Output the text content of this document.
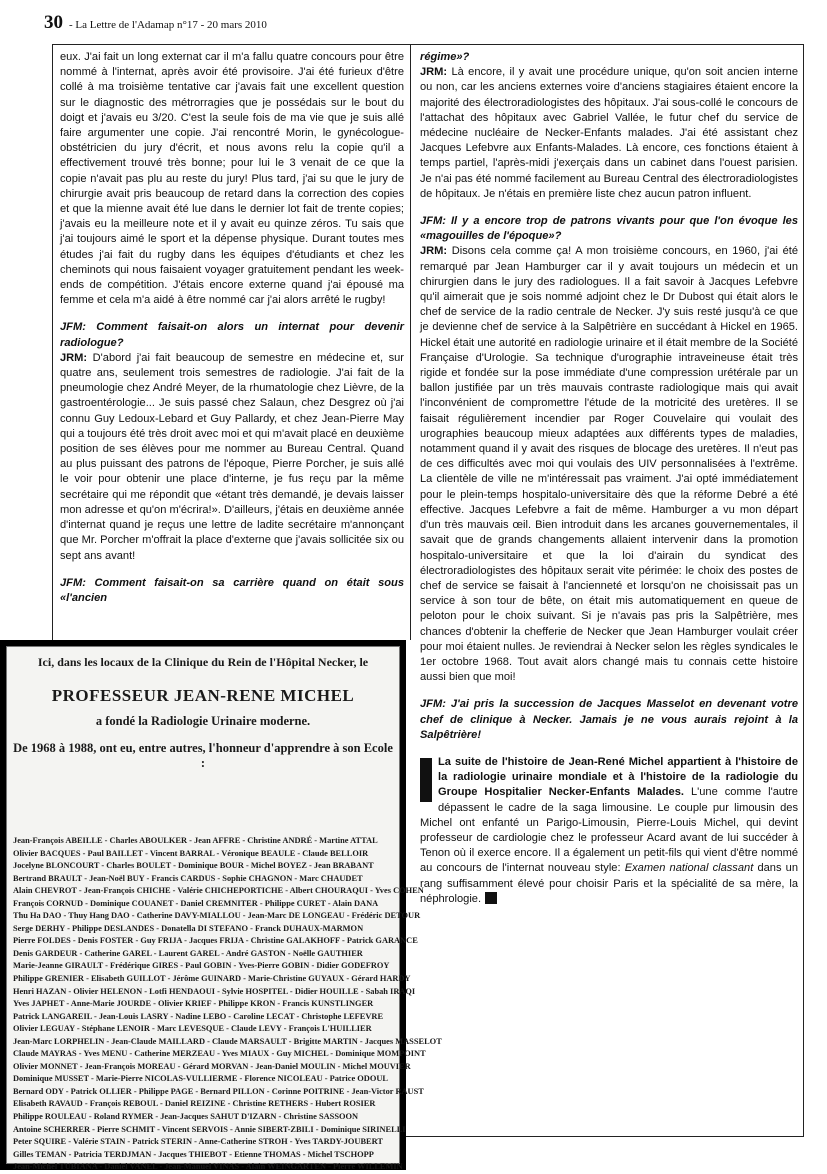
30 - La Lettre de l'Adamap n°17 - 20 mars 2010

eux. J'ai fait un long externat car il m'a fallu quatre concours pour être nommé à l'internat, après avoir été provisoire. J'ai été furieux d'être collé à ma troisième tentative car j'avais fait une excellent question sur le diagnostic des métrorragies que je possédais sur le bout du doigt et j'avais eu 3/20. C'est la seule fois de ma vie que je suis allé faire argumenter une copie. J'ai rencontré Morin, le gynécologue-obstétricien du jury d'écrit, et nous avons relu la copie qu'il a effectivement trouvé très bonne; pour lui le 3 venait de ce que la copie n'avait pas plu au reste du jury! Plus tard, j'ai su que le jury de chirurgie avait pris beaucoup de retard dans la correction des copies et que la mienne avait été lue dans le dernier lot fait de trente copies; j'avais eu la meilleure note et il y avait eu quinze zéros. Tu sais que j'ai toujours aimé le sport et la dépense physique. Durant toutes mes études j'ai fait du rugby dans les équipes d'étudiants et chez les cheminots qui nous faisaient voyager gratuitement pendant les week-ends de compétition. J'étais encore externe quand j'ai épousé ma femme et cela m'a aidé à être nommé car j'ai alors arrêté le rugby!

JFM: Comment faisait-on alors un internat pour devenir radiologue?

JRM: D'abord j'ai fait beaucoup de semestre en médecine et, sur quatre ans, seulement trois semestres de radiologie. J'ai fait de la pneumologie chez André Meyer, de la rhumatologie chez Lièvre, de la gastroentérologie... Je suis passé chez Salaun, chez Desgrez où j'ai connu Guy Ledoux-Lebard et Guy Pallardy, et chez Jean-Pierre May qui a toujours été très droit avec moi et qui m'avait placé en deuxième position de ses élèves pour me nommer au Bureau Central. Quand au plus puissant des patrons de l'époque, Pierre Porcher, je suis allé le voir pour obtenir une place d'interne, je fus reçu par la même secrétaire qui me répondit que «étant très demandé, je devais laisser mon adresse et qu'on m'écrira!». D'ailleurs, j'étais en deuxième année d'internat quand je reçus une lettre de ladite secrétaire m'annonçant que Mr. Porcher m'offrait la place d'externe que j'avais sollicitée six ou sept ans avant!

JFM: Comment faisait-on sa carrière quand on était sous «l'ancien

régime»?

JRM: Là encore, il y avait une procédure unique, qu'on soit ancien interne ou non, car les anciens externes voire d'anciens stagiaires étaient encore la majorité des électroradiologistes des hôpitaux. J'ai sous-collé le concours de l'attachat des hôpitaux avec Gabriel Vallée, le futur chef du service de médecine nucléaire de Necker-Enfants malades. J'ai été assistant chez Jacques Lefebvre aux Enfants-Malades. Là encore, ces fonctions étaient à temps partiel, l'après-midi j'exerçais dans un cabinet dans l'ouest parisien. Je n'ai pas été nommé facilement au Bureau Central des électroradiologistes de hôpitaux. Je n'étais en première liste chez aucun patron influent.

JFM: Il y a encore trop de patrons vivants pour que l'on évoque les «magouilles de l'époque»?

JRM: Disons cela comme ça! A mon troisième concours, en 1960, j'ai été remarqué par Jean Hamburger car il y avait toujours un médecin et un chirurgien dans le jury des radiologues. Il a fait savoir à Jacques Lefebvre qu'il aimerait que je sois nommé adjoint chez le Dr Dubost qui était alors le chef de service de la radio centrale de Necker. J'y suis resté jusqu'à ce que je devienne chef de service à la Salpêtrière en succédant à Hickel en 1965. Hickel était une autorité en radiologie urinaire et il était membre de la Société Française d'Urologie. Sa technique d'urographie intraveineuse était très rigide et fondée sur la pose immédiate d'une compression urétérale par un ballon justifiée par un très mauvais contraste radiologique mais qui avait l'inconvénient de compromettre l'étude de la motricité des uretères. Il se faisait régulièrement incendier par Roger Couvelaire qui voulait des urographies beaucoup mieux adaptées aux différents types de maladies, notamment quand il y avait des risques de blocage des uretères. Il n'eut pas de ces difficultés avec moi qui voulais des UIV personnalisées à l'extrême. La clientèle de ville ne m'intéressait pas vraiment. J'ai opté immédiatement pour le plein-temps hospitalo-universitaire dès que la réforme Debré a été effective. Jacques Lefebvre a fait de même. Hamburger a vu mon départ d'un très mauvais œil. Bien introduit dans les arcanes gouvernementales, il savait que de grands changements allaient intervenir dans la promotion hospitalo-universitaire et que la loi d'airain du syndicat des électroradiologistes des hôpitaux serait vite périmée: le choix des postes de chef de service se faisait à l'ancienneté et lorsqu'on ne choisissait pas un service à son tour de bête, on était mis automatiquement en queue de peloton pour le choix suivant. Si je n'avais pas pris la Salpêtrière, mes chances d'obtenir la chefferie de Necker que Jean Hamburger voulait créer pour moi étaient nulles. Je reviendrai à Necker selon les règles syndicales le 1er octobre 1968. Tout avait alors changé mais tu connais cette histoire aussi bien que moi!

JFM: J'ai pris la succession de Jacques Masselot en devenant votre chef de clinique à Necker. Jamais je ne vous aurais rejoint à la Salpêtrière!

La suite de l'histoire de Jean-René Michel appartient à l'histoire de la radiologie urinaire mondiale et à l'histoire de la radiologie du Groupe Hospitalier Necker-Enfants Malades. L'une comme l'autre dépassent le cadre de la saga limousine. Le couple pur limousin des Michel ont enfanté un Parigo-Limousin, Pierre-Louis Michel, qui devint professeur de cardiologie chez le professeur Acard avant de lui succéder à Tenon où il exerce encore. Il a également un petit-fils qui vient d'être nommé au concours de l'internat nouveau style: Examen national classant dans un rang suffisamment élevé pour choisir Paris et la spécialité de sa mère, la néphrologie.
Ici, dans les locaux de la Clinique du Rein de l'Hôpital Necker, le
PROFESSEUR JEAN-RENE MICHEL
a fondé la Radiologie Urinaire moderne.
De 1968 à 1988, ont eu, entre autres, l'honneur d'apprendre à son Ecole :
Jean-François ABEILLE - Charles ABOULKER - Jean AFFRE - Christine ANDRÉ - Martine ATTAL
Olivier BACQUES - Paul BAILLET - Vincent BARRAL - Véronique BEAULE - Claude BELLOIR
Jocelyne BLONCOURT - Charles BOULET - Dominique BOUR - Michel BOYEZ - Jean BRABANT
Bertrand BRAULT - Jean-Noël BUY - Francis CARDUS - Sophie CHAGNON - Marc CHAUDET
Alain CHEVROT - Jean-François CHICHE - Valérie CHICHEPORTICHE - Albert CHOURAQUI - Yves COHEN
François CORNUD - Dominique COUANET - Daniel CREMNITER - Philippe CURET - Alain DANA
Thu Ha DAO - Thuy Hang DAO - Catherine DAVY-MIALLOU - Jean-Marc DE LONGEAU - Frédéric DETOUR
Serge DERHY - Philippe DESLANDES - Donatella DI STEFANO - Franck DUHAUX-MARMON
Pierre FOLDES - Denis FOSTER - Guy FRIJA - Jacques FRIJA - Christine GALAKHOFF - Patrick GARANCE
Denis GARDEUR - Catherine GAREL - Laurent GAREL - André GASTON - Noëlle GAUTHIER
Marie-Jeanne GIRAULT - Frédérique GIRES - Paul GOBIN - Yves-Pierre GOBIN - Didier GODEFROY
Philippe GRENIER - Elisabeth GUILLOT - Jérôme GUINARD - Marie-Christine GUYAUX - Gérard HARDY
Henri HAZAN - Olivier HELENON - Lotfi HENDAOUI - Sylvie HOSPITEL - Didier HOUILLE - Sabah IRAQI
Yves JAPHET - Anne-Marie JOURDE - Olivier KRIEF - Philippe KRON - Francis KUNSTLINGER
Patrick LANGAREIL - Jean-Louis LASRY - Nadine LEBO - Caroline LECAT - Christophe LEFEVRE
Olivier LEGUAY - Stéphane LENOIR - Marc LEVESQUE - Claude LEVY - François L'HUILLIER
Jean-Marc LORPHELIN - Jean-Claude MAILLARD - Claude MARSAULT - Brigitte MARTIN - Jacques MASSELOT
Claude MAYRAS - Yves MENU - Catherine MERZEAU - Yves MIAUX - Guy MICHEL - Dominique MOMPOINT
Olivier MONNET - Jean-François MOREAU - Gérard MORVAN - Jean-Daniel MOULIN - Michel MOUVIER
Dominique MUSSET - Marie-Pierre NICOLAS-VULLIERME - Florence NICOLEAU - Patrice ODOUL
Bernard ODY - Patrick OLLIER - Philippe PAGE - Bernard PILLON - Corinne POITRINE - Jean-Victor RAUST
Elisabeth RAVAUD - François REBOUL - Daniel REIZINE - Christine RETHERS - Hubert ROSIER
Philippe ROULEAU - Roland RYMER - Jean-Jacques SAHUT D'IZARN - Christine SASSOON
Antoine SCHERRER - Pierre SCHMIT - Vincent SERVOIS - Annie SIBERT-ZBILI - Dominique SIRINELLI
Peter SQUIRE - Valérie STAIN - Patrick STERIN - Anne-Catherine STROH - Yves TARDY-JOUBERT
Gilles TEMAN - Patricia TERDJMAN - Jacques THIEBOT - Etienne THOMAS - Michel TSCHOPP
Jean-Michel TUBIANA - Daniel VANEL - Jean-Manuel VINAS - Alain WEINGARTEN - Pierre WILLEMIN
